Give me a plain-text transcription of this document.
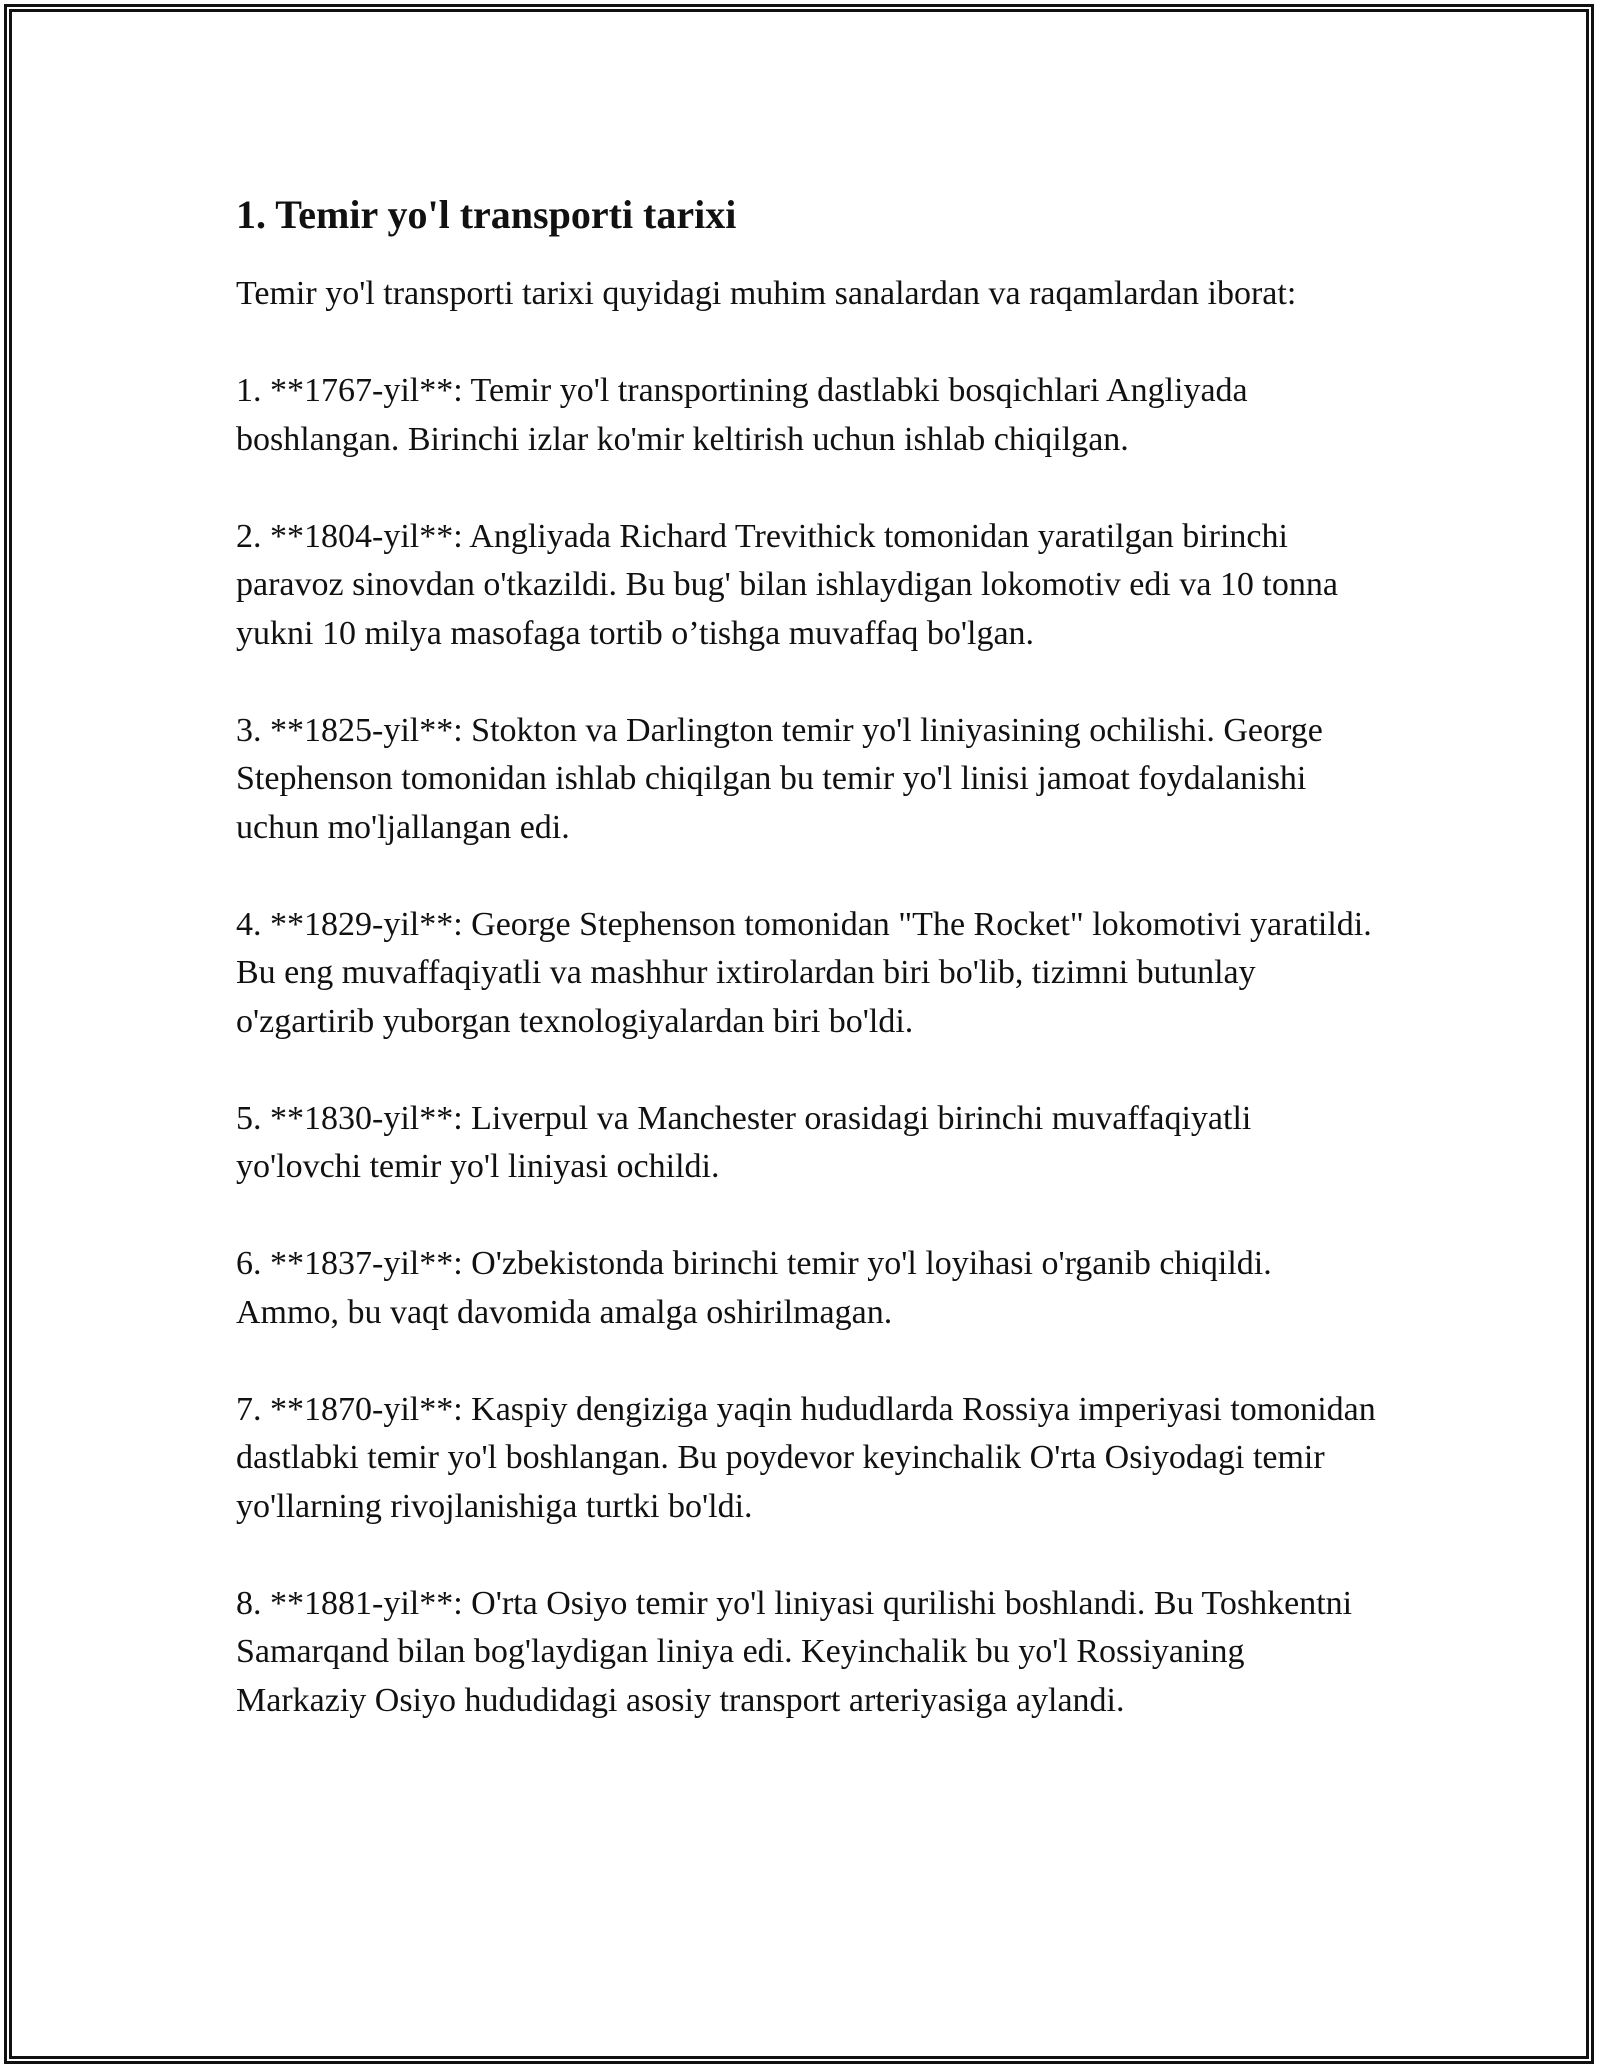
1. Temir yo'l transporti tarixi

Temir yo'l transporti tarixi quyidagi muhim sanalardan va raqamlardan iborat:

1. **1767-yil**: Temir yo'l transportining dastlabki bosqichlari Angliyada boshlangan. Birinchi izlar ko'mir keltirish uchun ishlab chiqilgan.

2. **1804-yil**: Angliyada Richard Trevithick tomonidan yaratilgan birinchi paravoz sinovdan o'tkazildi. Bu bug' bilan ishlaydigan lokomotiv edi va 10 tonna yukni 10 milya masofaga tortib o’tishga muvaffaq bo'lgan.

3. **1825-yil**: Stokton va Darlington temir yo'l liniyasining ochilishi. George Stephenson tomonidan ishlab chiqilgan bu temir yo'l linisi jamoat foydalanishi uchun mo'ljallangan edi.

4. **1829-yil**: George Stephenson tomonidan "The Rocket" lokomotivi yaratildi. Bu eng muvaffaqiyatli va mashhur ixtirolardan biri bo'lib, tizimni butunlay o'zgartirib yuborgan texnologiyalardan biri bo'ldi.

5. **1830-yil**: Liverpul va Manchester orasidagi birinchi muvaffaqiyatli yo'lovchi temir yo'l liniyasi ochildi.

6. **1837-yil**: O'zbekistonda birinchi temir yo'l loyihasi o'rganib chiqildi. Ammo, bu vaqt davomida amalga oshirilmagan.

7. **1870-yil**: Kaspiy dengiziga yaqin hududlarda Rossiya imperiyasi tomonidan dastlabki temir yo'l boshlangan. Bu poydevor keyinchalik O'rta Osiyodagi temir yo'llarning rivojlanishiga turtki bo'ldi.

8. **1881-yil**: O'rta Osiyo temir yo'l liniyasi qurilishi boshlandi. Bu Toshkentni Samarqand bilan bog'laydigan liniya edi. Keyinchalik bu yo'l Rossiyaning Markaziy Osiyo hududidagi asosiy transport arteriyasiga aylandi.
